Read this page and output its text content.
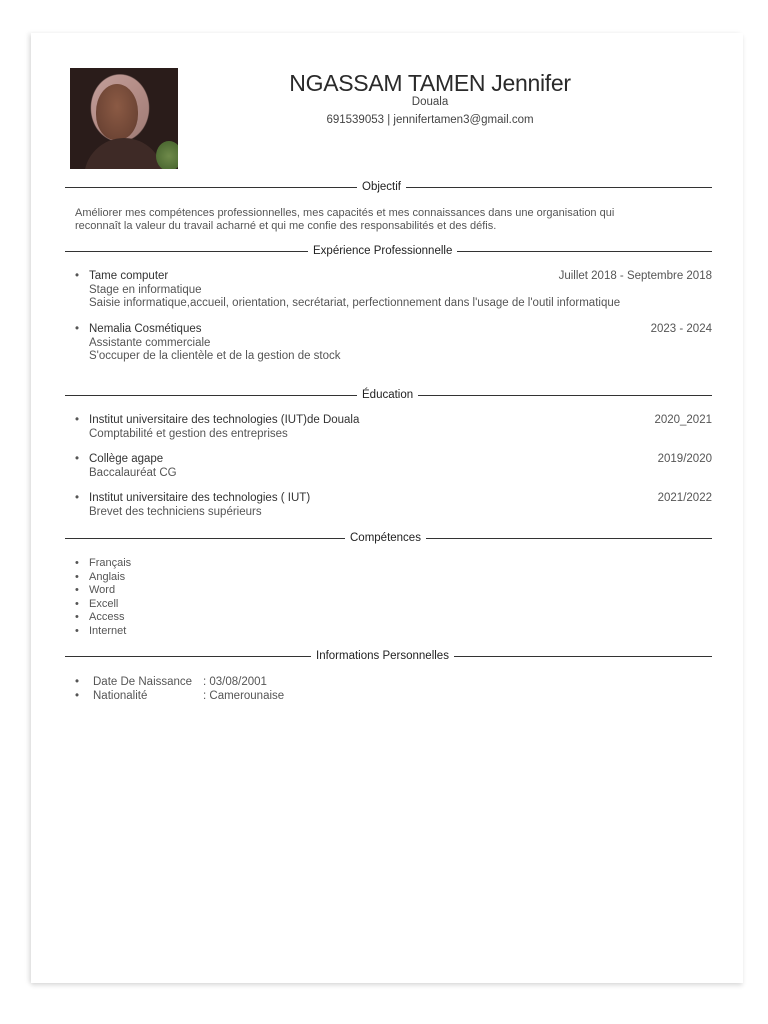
NGASSAM TAMEN Jennifer
Douala
691539053 | jennifertamen3@gmail.com
Objectif
Améliorer mes compétences professionnelles, mes capacités et mes connaissances dans une organisation qui
reconnaît la valeur du travail acharné et qui me confie des responsabilités et des défis.
Expérience Professionnelle
• Tame computer	Juillet 2018 - Septembre 2018
Stage en informatique
Saisie informatique,accueil, orientation, secrétariat, perfectionnement dans l'usage de l'outil informatique
• Nemalia Cosmétiques	2023 - 2024
Assistante commerciale
S'occuper de la clientèle et de la gestion de stock
Éducation
• Institut universitaire des technologies (IUT)de Douala	2020_2021
Comptabilité et gestion des entreprises
• Collège agape	2019/2020
Baccalauréat CG
• Institut universitaire des technologies ( IUT)	2021/2022
Brevet des techniciens supérieurs
Compétences
• Français
• Anglais
• Word
• Excell
• Access
• Internet
Informations Personnelles
• Date De Naissance : 03/08/2001
• Nationalité	: Camerounaise
